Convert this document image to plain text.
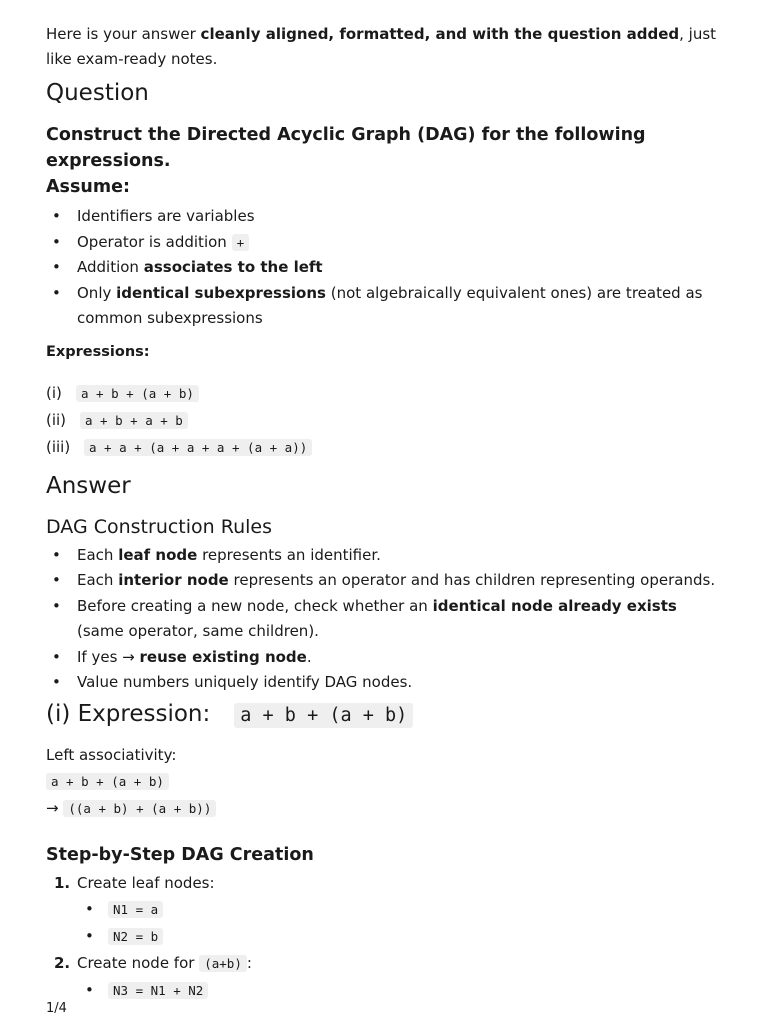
Here is your answer cleanly aligned, formatted, and with the question added, just like exam-ready notes.

Question
Construct the Directed Acyclic Graph (DAG) for the following expressions.
Assume:
• Identifiers are variables
• Operator is addition +
• Addition associates to the left
• Only identical subexpressions (not algebraically equivalent ones) are treated as common subexpressions

Expressions:

(i) a + b + (a + b)
(ii) a + b + a + b
(iii) a + a + (a + a + a + (a + a))
Answer
DAG Construction Rules
• Each leaf node represents an identifier.
• Each interior node represents an operator and has children representing operands.
• Before creating a new node, check whether an identical node already exists (same operator, same children).
• If yes → reuse existing node.
• Value numbers uniquely identify DAG nodes.
(i) Expression: a + b + (a + b)

Left associativity:

a + b + (a + b)

→ ((a + b) + (a + b))

Step-by-Step DAG Creation
1. Create leaf nodes:
• N1 = a
• N2 = b
2. Create node for (a+b) :
• N3 = N1 + N2
1/4
